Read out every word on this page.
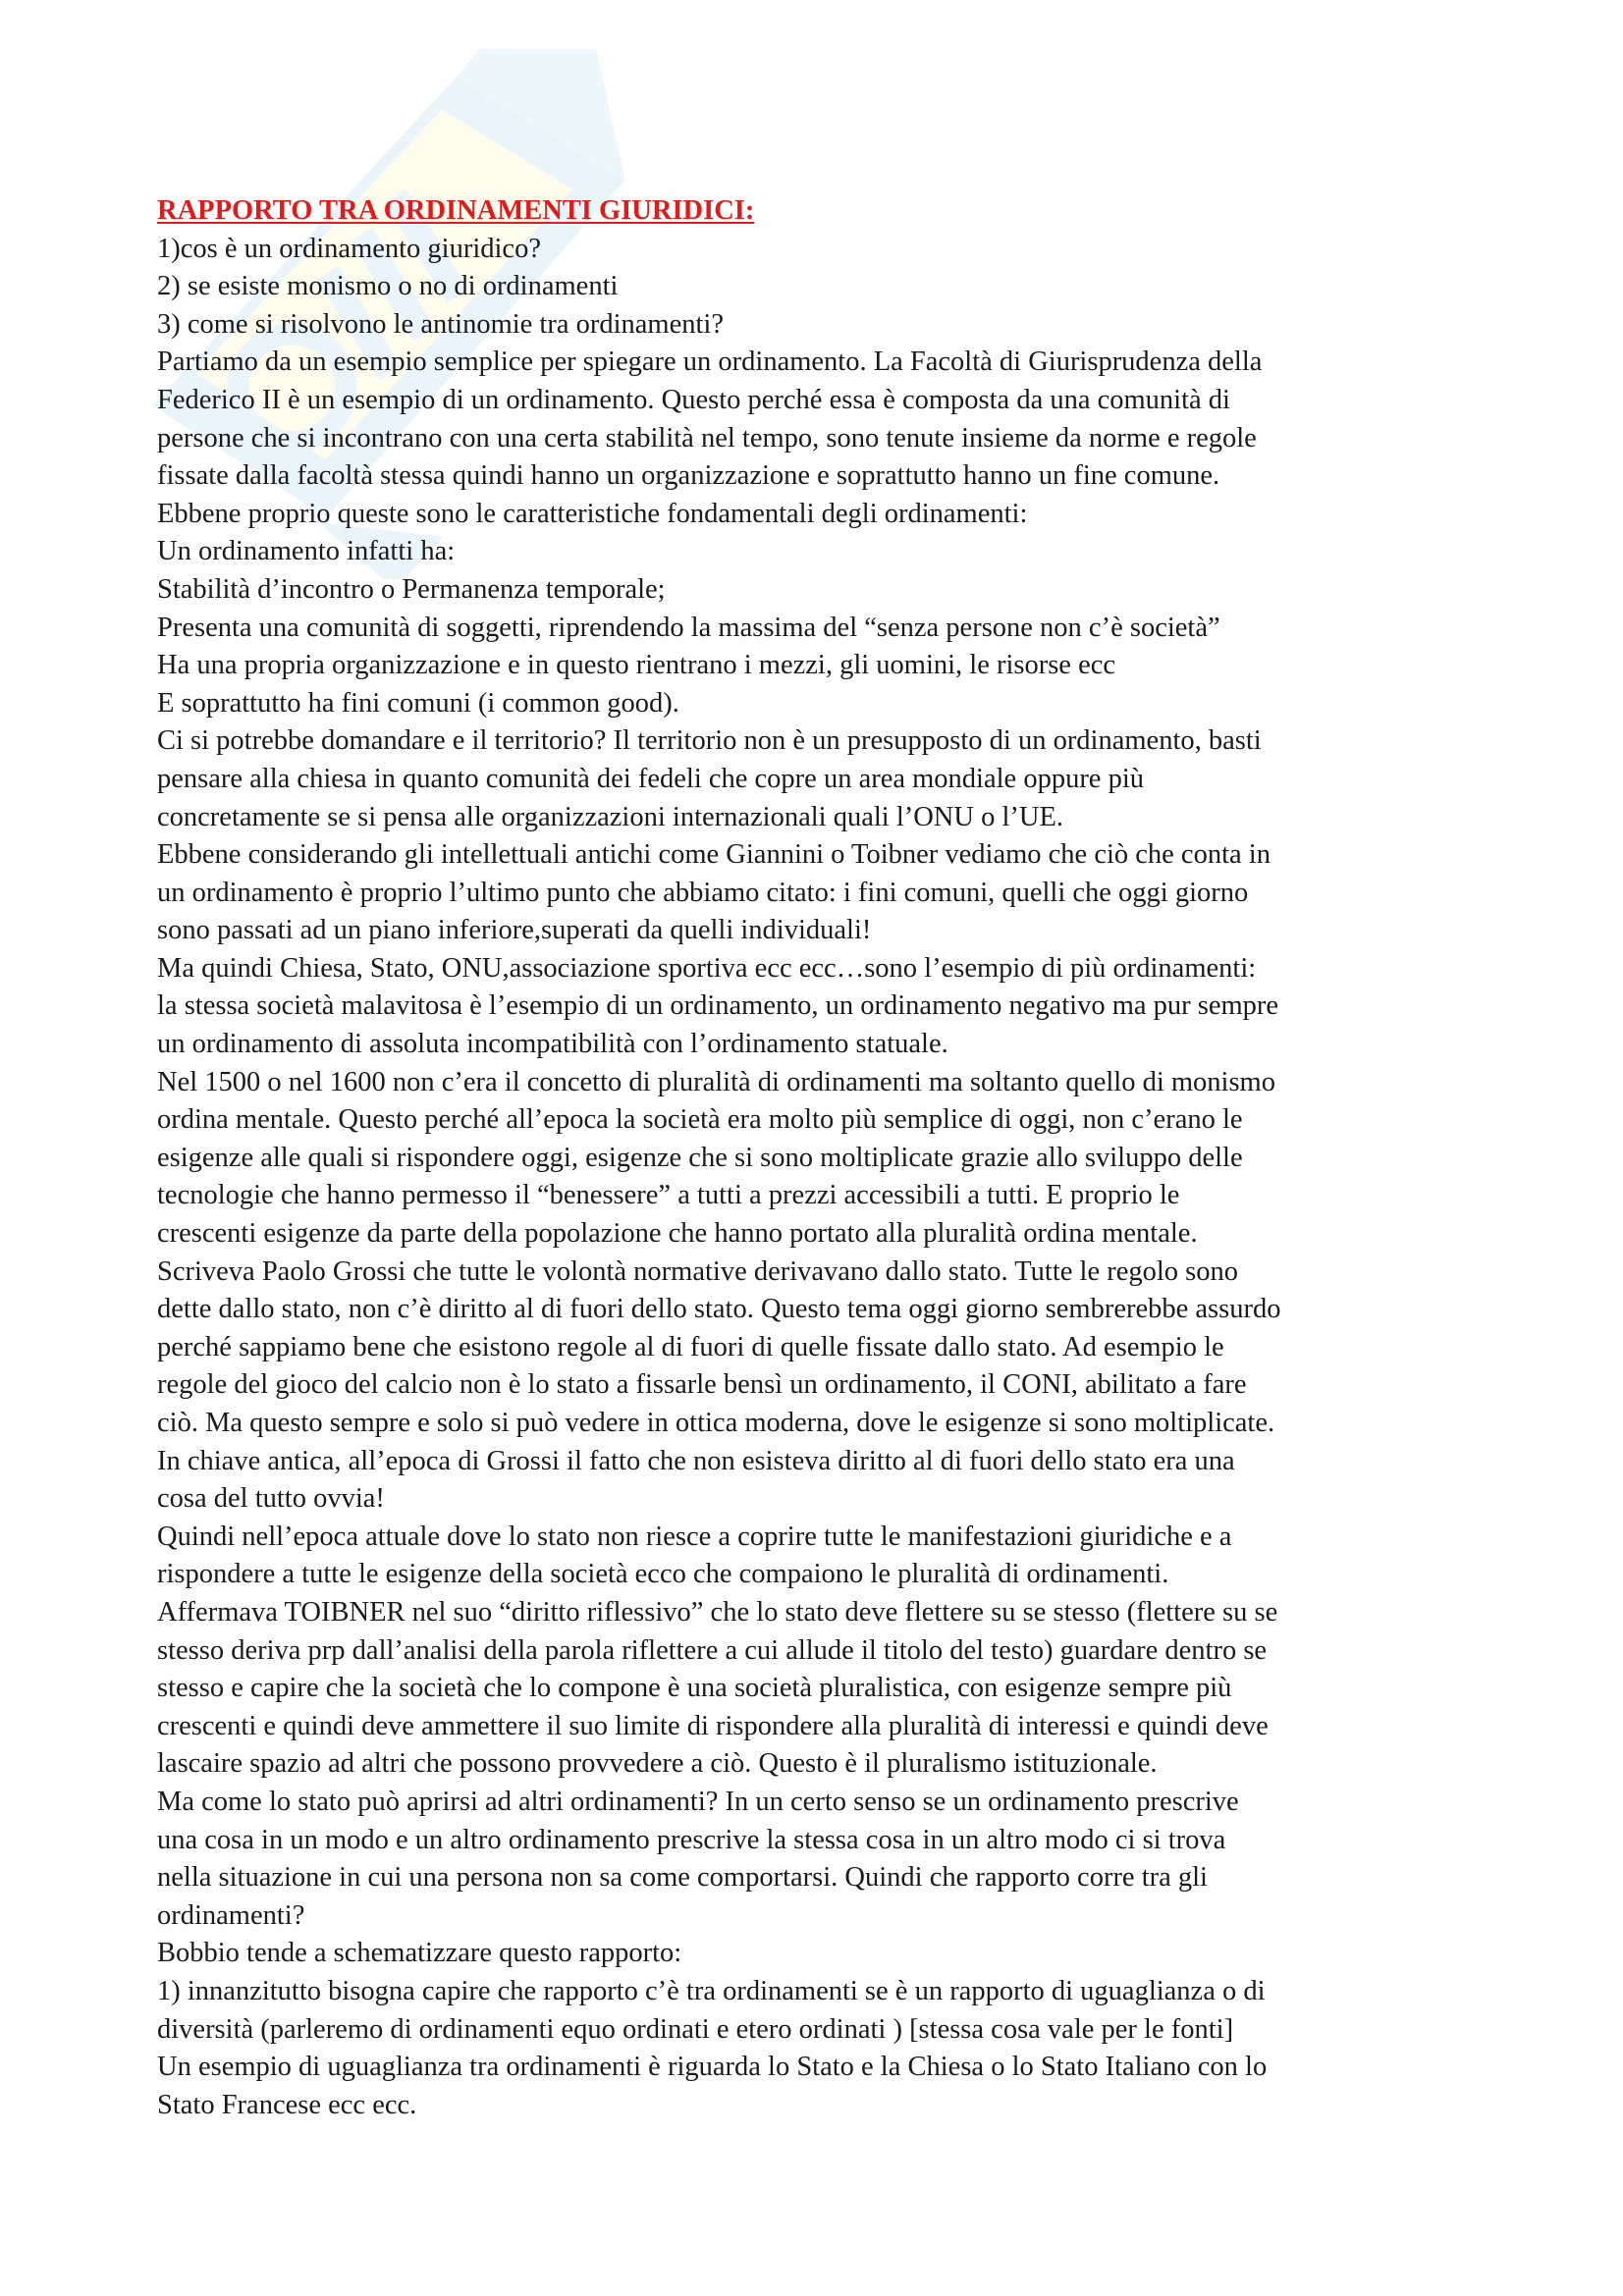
RAPPORTO TRA ORDINAMENTI GIURIDICI:
1)cos è un ordinamento giuridico?
2) se esiste monismo o no di ordinamenti
3) come si risolvono le antinomie tra ordinamenti?
Partiamo da un esempio semplice per spiegare un ordinamento. La Facoltà di Giurisprudenza della
Federico II è un esempio di un ordinamento. Questo perché essa è composta da una comunità di
persone che si incontrano con una certa stabilità nel tempo, sono tenute insieme da norme e regole
fissate dalla facoltà stessa quindi hanno un organizzazione e soprattutto hanno un fine comune.
Ebbene proprio queste sono le caratteristiche fondamentali degli ordinamenti:
Un ordinamento infatti ha:
Stabilità d’incontro o Permanenza temporale;
Presenta una comunità di soggetti, riprendendo la massima del “senza persone non c’è società”
Ha una propria organizzazione e in questo rientrano i mezzi, gli uomini, le risorse ecc
E soprattutto ha fini comuni (i common good).
Ci si potrebbe domandare e il territorio? Il territorio non è un presupposto di un ordinamento, basti
pensare alla chiesa in quanto comunità dei fedeli che copre un area mondiale oppure più
concretamente se si pensa alle organizzazioni internazionali quali l’ONU o l’UE.
Ebbene considerando gli intellettuali antichi come Giannini o Toibner vediamo che ciò che conta in
un ordinamento è proprio l’ultimo punto che abbiamo citato: i fini comuni, quelli che oggi giorno
sono passati ad un piano inferiore,superati da quelli individuali!
Ma quindi Chiesa, Stato, ONU,associazione sportiva ecc ecc…sono l’esempio di più ordinamenti:
la stessa società malavitosa è l’esempio di un ordinamento, un ordinamento negativo ma pur sempre
un ordinamento di assoluta incompatibilità con l’ordinamento statuale.
Nel 1500 o nel 1600 non c’era il concetto di pluralità di ordinamenti ma soltanto quello di monismo
ordina mentale. Questo perché all’epoca la società era molto più semplice di oggi, non c’erano le
esigenze alle quali si rispondere oggi, esigenze che si sono moltiplicate grazie allo sviluppo delle
tecnologie che hanno permesso il “benessere” a tutti a prezzi accessibili a tutti. E proprio le
crescenti esigenze da parte della popolazione che hanno portato alla pluralità ordina mentale.
Scriveva Paolo Grossi che tutte le volontà normative derivavano dallo stato. Tutte le regolo sono
dette dallo stato, non c’è diritto al di fuori dello stato. Questo tema oggi giorno sembrerebbe assurdo
perché sappiamo bene che esistono regole al di fuori di quelle fissate dallo stato. Ad esempio le
regole del gioco del calcio non è lo stato a fissarle bensì un ordinamento, il CONI, abilitato a fare
ciò. Ma questo sempre e solo si può vedere in ottica moderna, dove le esigenze si sono moltiplicate.
In chiave antica, all’epoca di Grossi il fatto che non esisteva diritto al di fuori dello stato era una
cosa del tutto ovvia!
Quindi nell’epoca attuale dove lo stato non riesce a coprire tutte le manifestazioni giuridiche e a
rispondere a tutte le esigenze della società ecco che compaiono le pluralità di ordinamenti.
Affermava TOIBNER nel suo “diritto riflessivo” che lo stato deve flettere su se stesso (flettere su se
stesso deriva prp dall’analisi della parola riflettere a cui allude il titolo del testo) guardare dentro se
stesso e capire che la società che lo compone è una società pluralistica, con esigenze sempre più
crescenti e quindi deve ammettere il suo limite di rispondere alla pluralità di interessi e quindi deve
lascaire spazio ad altri che possono provvedere a ciò. Questo è il pluralismo istituzionale.
Ma come lo stato può aprirsi ad altri ordinamenti? In un certo senso se un ordinamento prescrive
una cosa in un modo e un altro ordinamento prescrive la stessa cosa in un altro modo ci si trova
nella situazione in cui una persona non sa come comportarsi. Quindi che rapporto corre tra gli
ordinamenti?
Bobbio tende a schematizzare questo rapporto:
1) innanzitutto bisogna capire che rapporto c’è tra ordinamenti se è un rapporto di uguaglianza o di
diversità (parleremo di ordinamenti equo ordinati e etero ordinati ) [stessa cosa vale per le fonti]
Un esempio di uguaglianza tra ordinamenti è riguarda lo Stato e la Chiesa o lo Stato Italiano con lo
Stato Francese ecc ecc.
